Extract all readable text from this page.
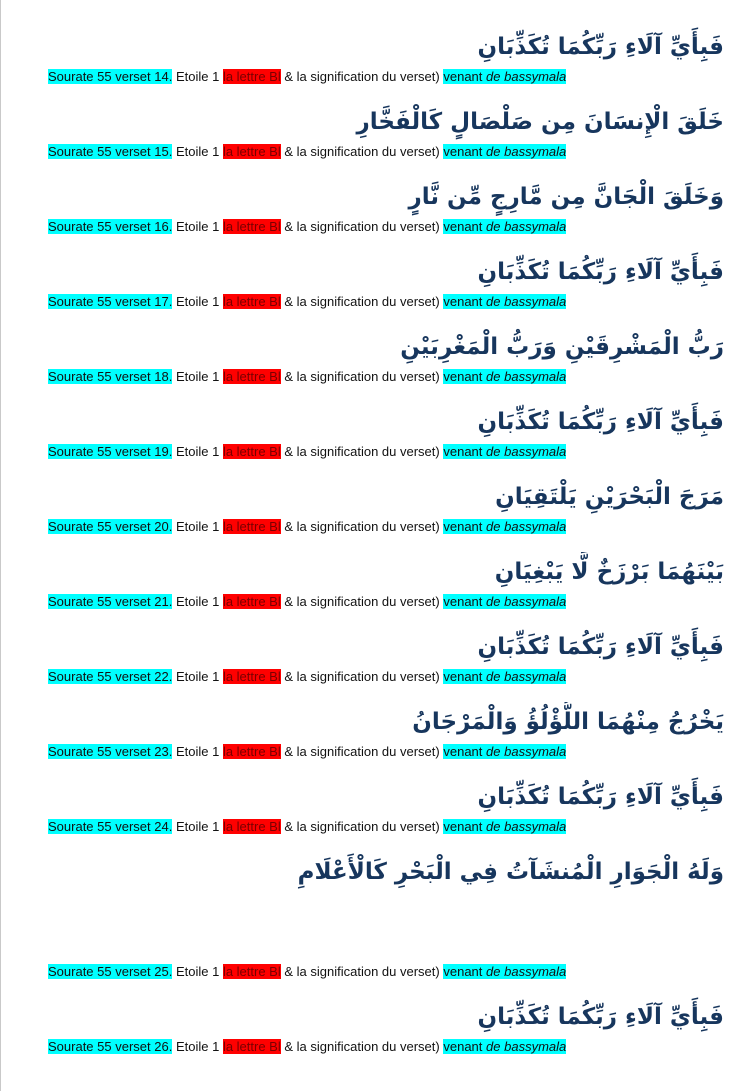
فَبِأَيِّ آلَاءِ رَبِّكُمَا تُكَذِّبَانِ
Sourate 55 verset 14. Etoile 1 la lettre Bl & la signification du verset) venant de bassymala
خَلَقَ الْإِنسَانَ مِن صَلْصَالٍ كَالْفَخَّارِ
Sourate 55 verset 15. Etoile 1 la lettre Bl & la signification du verset) venant de bassymala
وَخَلَقَ الْجَانَّ مِن مَّارِجٍ مِّن نَّارٍ
Sourate 55 verset 16. Etoile 1 la lettre Bl & la signification du verset) venant de bassymala
فَبِأَيِّ آلَاءِ رَبِّكُمَا تُكَذِّبَانِ
Sourate 55 verset 17. Etoile 1 la lettre Bl & la signification du verset) venant de bassymala
رَبُّ الْمَشْرِقَيْنِ وَرَبُّ الْمَغْرِبَيْنِ
Sourate 55 verset 18. Etoile 1 la lettre Bl & la signification du verset) venant de bassymala
فَبِأَيِّ آلَاءِ رَبِّكُمَا تُكَذِّبَانِ
Sourate 55 verset 19. Etoile 1 la lettre Bl & la signification du verset) venant de bassymala
مَرَجَ الْبَحْرَيْنِ يَلْتَقِيَانِ
Sourate 55 verset 20. Etoile 1 la lettre Bl & la signification du verset) venant de bassymala
بَيْنَهُمَا بَرْزَخٌ لَّا يَبْغِيَانِ
Sourate 55 verset 21. Etoile 1 la lettre Bl & la signification du verset) venant de bassymala
فَبِأَيِّ آلَاءِ رَبِّكُمَا تُكَذِّبَانِ
Sourate 55 verset 22. Etoile 1 la lettre Bl & la signification du verset) venant de bassymala
يَخْرُجُ مِنْهُمَا اللُّؤْلُؤُ وَالْمَرْجَانُ
Sourate 55 verset 23. Etoile 1 la lettre Bl & la signification du verset) venant de bassymala
فَبِأَيِّ آلَاءِ رَبِّكُمَا تُكَذِّبَانِ
Sourate 55 verset 24. Etoile 1 la lettre Bl & la signification du verset) venant de bassymala
وَلَهُ الْجَوَارِ الْمُنشَآتُ فِي الْبَحْرِ كَالْأَعْلَامِ
Sourate 55 verset 25. Etoile 1 la lettre Bl & la signification du verset) venant de bassymala
فَبِأَيِّ آلَاءِ رَبِّكُمَا تُكَذِّبَانِ
Sourate 55 verset 26. Etoile 1 la lettre Bl & la signification du verset) venant de bassymala
